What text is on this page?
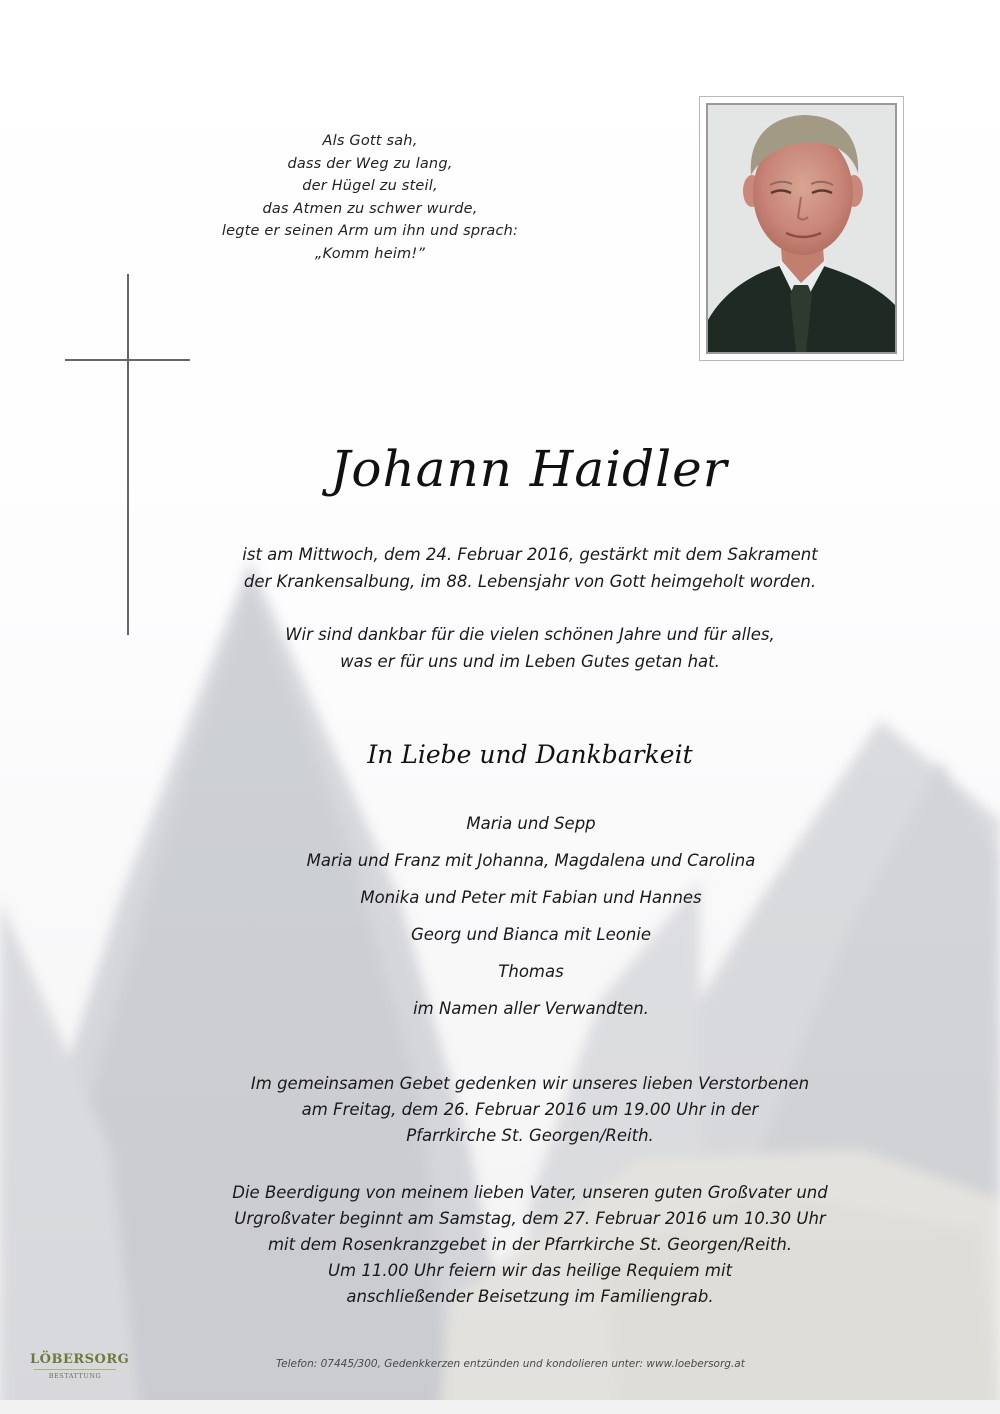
Als Gott sah,
dass der Weg zu lang,
der Hügel zu steil,
das Atmen zu schwer wurde,
legte er seinen Arm um ihn und sprach:
„Komm heim!”
Johann Haidler
ist am Mittwoch, dem 24. Februar 2016, gestärkt mit dem Sakrament
der Krankensalbung, im 88. Lebensjahr von Gott heimgeholt worden.
Wir sind dankbar für die vielen schönen Jahre und für alles,
was er für uns und im Leben Gutes getan hat.
In Liebe und Dankbarkeit
Maria und Sepp
Maria und Franz mit Johanna, Magdalena und Carolina
Monika und Peter mit Fabian und Hannes
Georg und Bianca mit Leonie
Thomas
im Namen aller Verwandten.
Im gemeinsamen Gebet gedenken wir unseres lieben Verstorbenen
am Freitag, dem 26. Februar 2016 um 19.00 Uhr in der
Pfarrkirche St. Georgen/Reith.
Die Beerdigung von meinem lieben Vater, unseren guten Großvater und
Urgroßvater beginnt am Samstag, dem 27. Februar 2016 um 10.30 Uhr
mit dem Rosenkranzgebet in der Pfarrkirche St. Georgen/Reith.
Um 11.00 Uhr feiern wir das heilige Requiem mit
anschließender Beisetzung im Familiengrab.
LÖBERSORG
BESTATTUNG
Telefon: 07445/300, Gedenkkerzen entzünden und kondolieren unter: www.loebersorg.at
